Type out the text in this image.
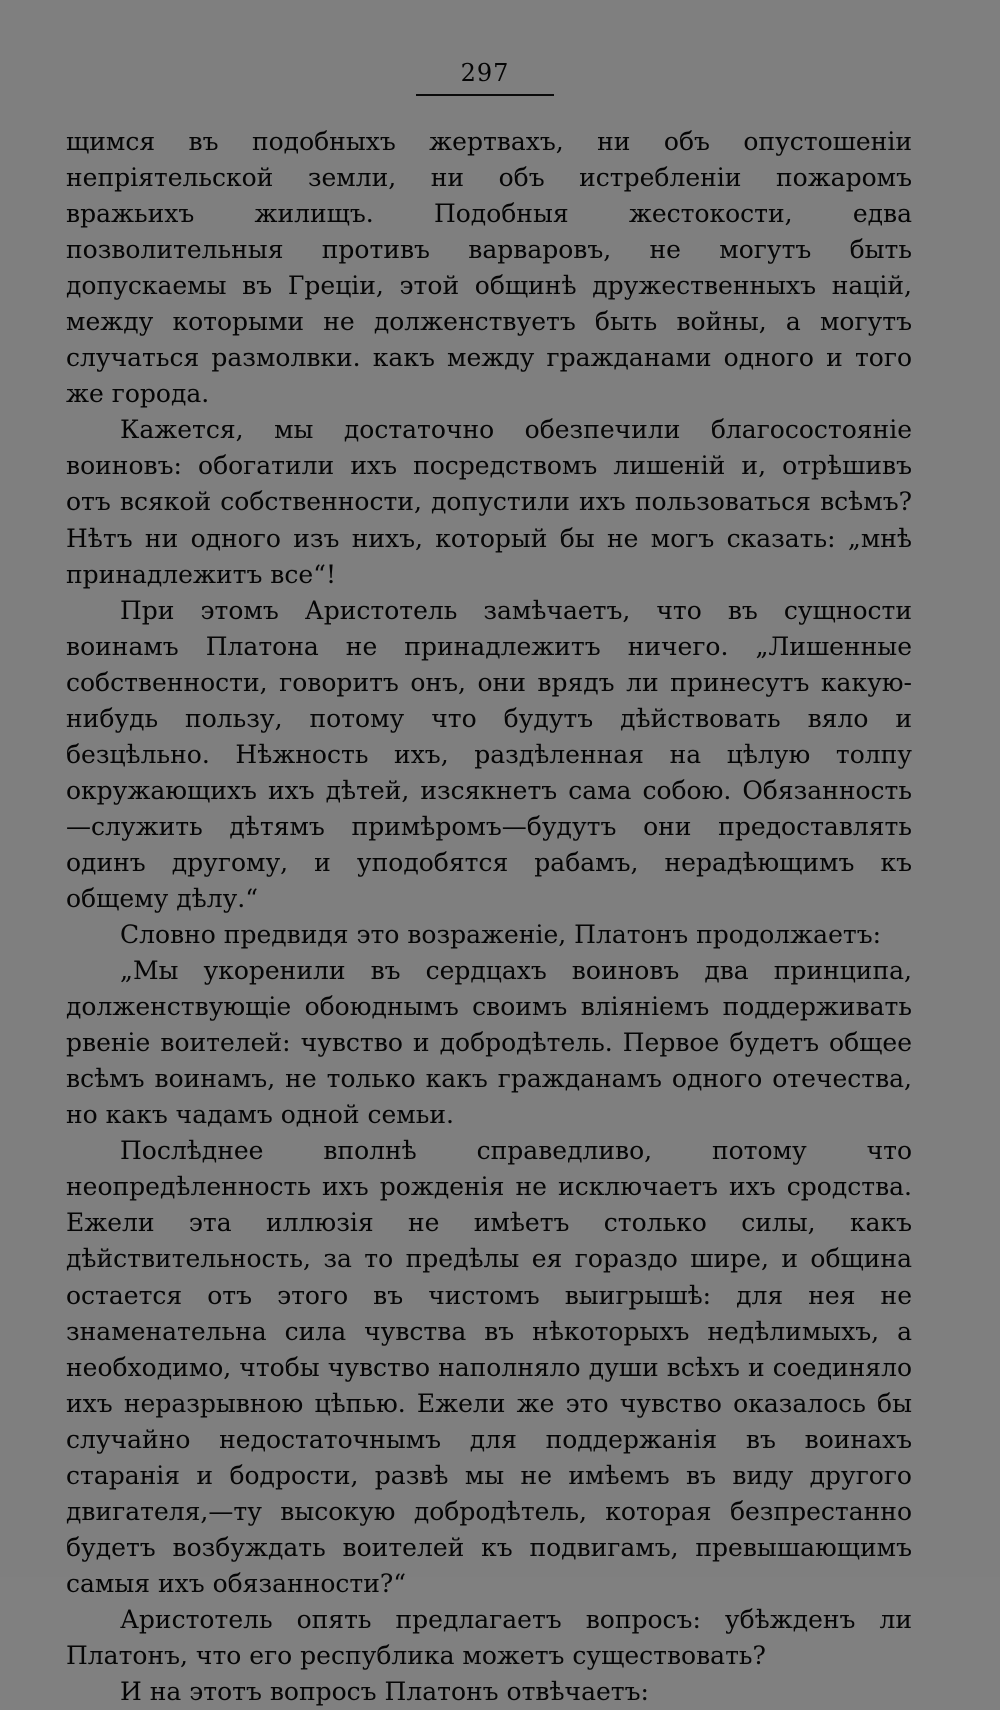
297

щимся въ подобныхъ жертвахъ, ни объ опустошеніи непріятельской земли, ни объ истребленіи пожаромъ вражьихъ жилищъ. Подобныя жестокости, едва позволительныя противъ варваровъ, не могутъ быть допускаемы въ Греціи, этой общинѣ дружественныхъ націй, между которыми не долженствуетъ быть войны, а могутъ случаться размолвки. какъ между гражданами одного и того же города.

Кажется, мы достаточно обезпечили благосостояніе воиновъ: обогатили ихъ посредствомъ лишеній и, отрѣшивъ отъ всякой собственности, допустили ихъ пользоваться всѣмъ? Нѣтъ ни одного изъ нихъ, который бы не могъ сказать: „мнѣ принадлежитъ все“!

При этомъ Аристотель замѣчаетъ, что въ сущности воинамъ Платона не принадлежитъ ничего. „Лишенные собственности, говоритъ онъ, они врядъ ли принесутъ какую-нибудь пользу, потому что будутъ дѣйствовать вяло и безцѣльно. Нѣжность ихъ, раздѣленная на цѣлую толпу окружающихъ ихъ дѣтей, изсякнетъ сама собою. Обязанность—служить дѣтямъ примѣромъ—будутъ они предоставлять одинъ другому, и уподобятся рабамъ, нерадѣющимъ къ общему дѣлу.“

Словно предвидя это возраженіе, Платонъ продолжаетъ:

„Мы укоренили въ сердцахъ воиновъ два принципа, долженствующіе обоюднымъ своимъ вліяніемъ поддерживать рвеніе воителей: чувство и добродѣтель. Первое будетъ общее всѣмъ воинамъ, не только какъ гражданамъ одного отечества, но какъ чадамъ одной семьи.

Послѣднее вполнѣ справедливо, потому что неопредѣленность ихъ рожденія не исключаетъ ихъ сродства. Ежели эта иллюзія не имѣетъ столько силы, какъ дѣйствительность, за то предѣлы ея гораздо шире, и община остается отъ этого въ чистомъ выигрышѣ: для нея не знаменательна сила чувства въ нѣкоторыхъ недѣлимыхъ, а необходимо, чтобы чувство наполняло души всѣхъ и соединяло ихъ неразрывною цѣпью. Ежели же это чувство оказалось бы случайно недостаточнымъ для поддержанія въ воинахъ старанія и бодрости, развѣ мы не имѣемъ въ виду другого двигателя,—ту высокую добродѣтель, которая безпрестанно будетъ возбуждать воителей къ подвигамъ, превышающимъ самыя ихъ обязанности?“

Аристотель опять предлагаетъ вопросъ: убѣжденъ ли Платонъ, что его республика можетъ существовать?

И на этотъ вопросъ Платонъ отвѣчаетъ:
